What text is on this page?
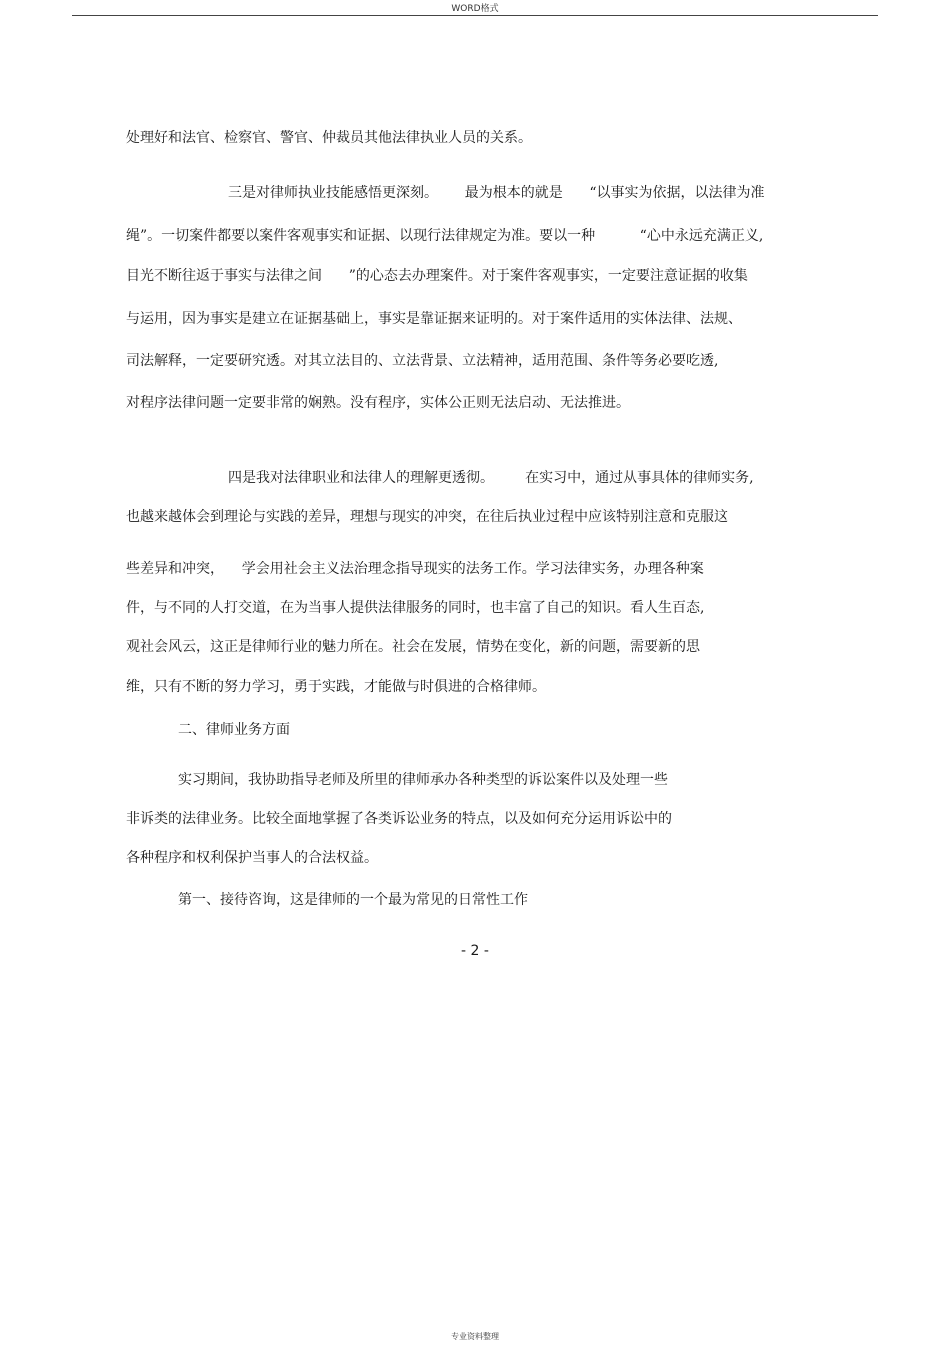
WORD格式
处理好和法官、检察官、警官、仲裁员其他法律执业人员的关系。
三是对律师执业技能感悟更深刻。      最为根本的就是      “以事实为依据，以法律为准
绳”。一切案件都要以案件客观事实和证据、以现行法律规定为准。要以一种          “心中永远充满正义,
目光不断往返于事实与法律之间      ”的心态去办理案件。对于案件客观事实，一定要注意证据的收集
与运用，因为事实是建立在证据基础上，事实是靠证据来证明的。对于案件适用的实体法律、法规、
司法解释，一定要研究透。对其立法目的、立法背景、立法精神，适用范围、条件等务必要吃透,
对程序法律问题一定要非常的娴熟。没有程序，实体公正则无法启动、无法推进。
四是我对法律职业和法律人的理解更透彻。       在实习中，通过从事具体的律师实务,
也越来越体会到理论与实践的差异，理想与现实的冲突，在往后执业过程中应该特别注意和克服这
些差异和冲突，    学会用社会主义法治理念指导现实的法务工作。学习法律实务，办理各种案
件，与不同的人打交道，在为当事人提供法律服务的同时，也丰富了自己的知识。看人生百态,
观社会风云，这正是律师行业的魅力所在。社会在发展，情势在变化，新的问题，需要新的思
维，只有不断的努力学习，勇于实践，才能做与时俱进的合格律师。
二、律师业务方面
实习期间，我协助指导老师及所里的律师承办各种类型的诉讼案件以及处理一些
非诉类的法律业务。比较全面地掌握了各类诉讼业务的特点，以及如何充分运用诉讼中的
各种程序和权利保护当事人的合法权益。
第一、接待咨询，这是律师的一个最为常见的日常性工作
- 2 -
专业资料整理
